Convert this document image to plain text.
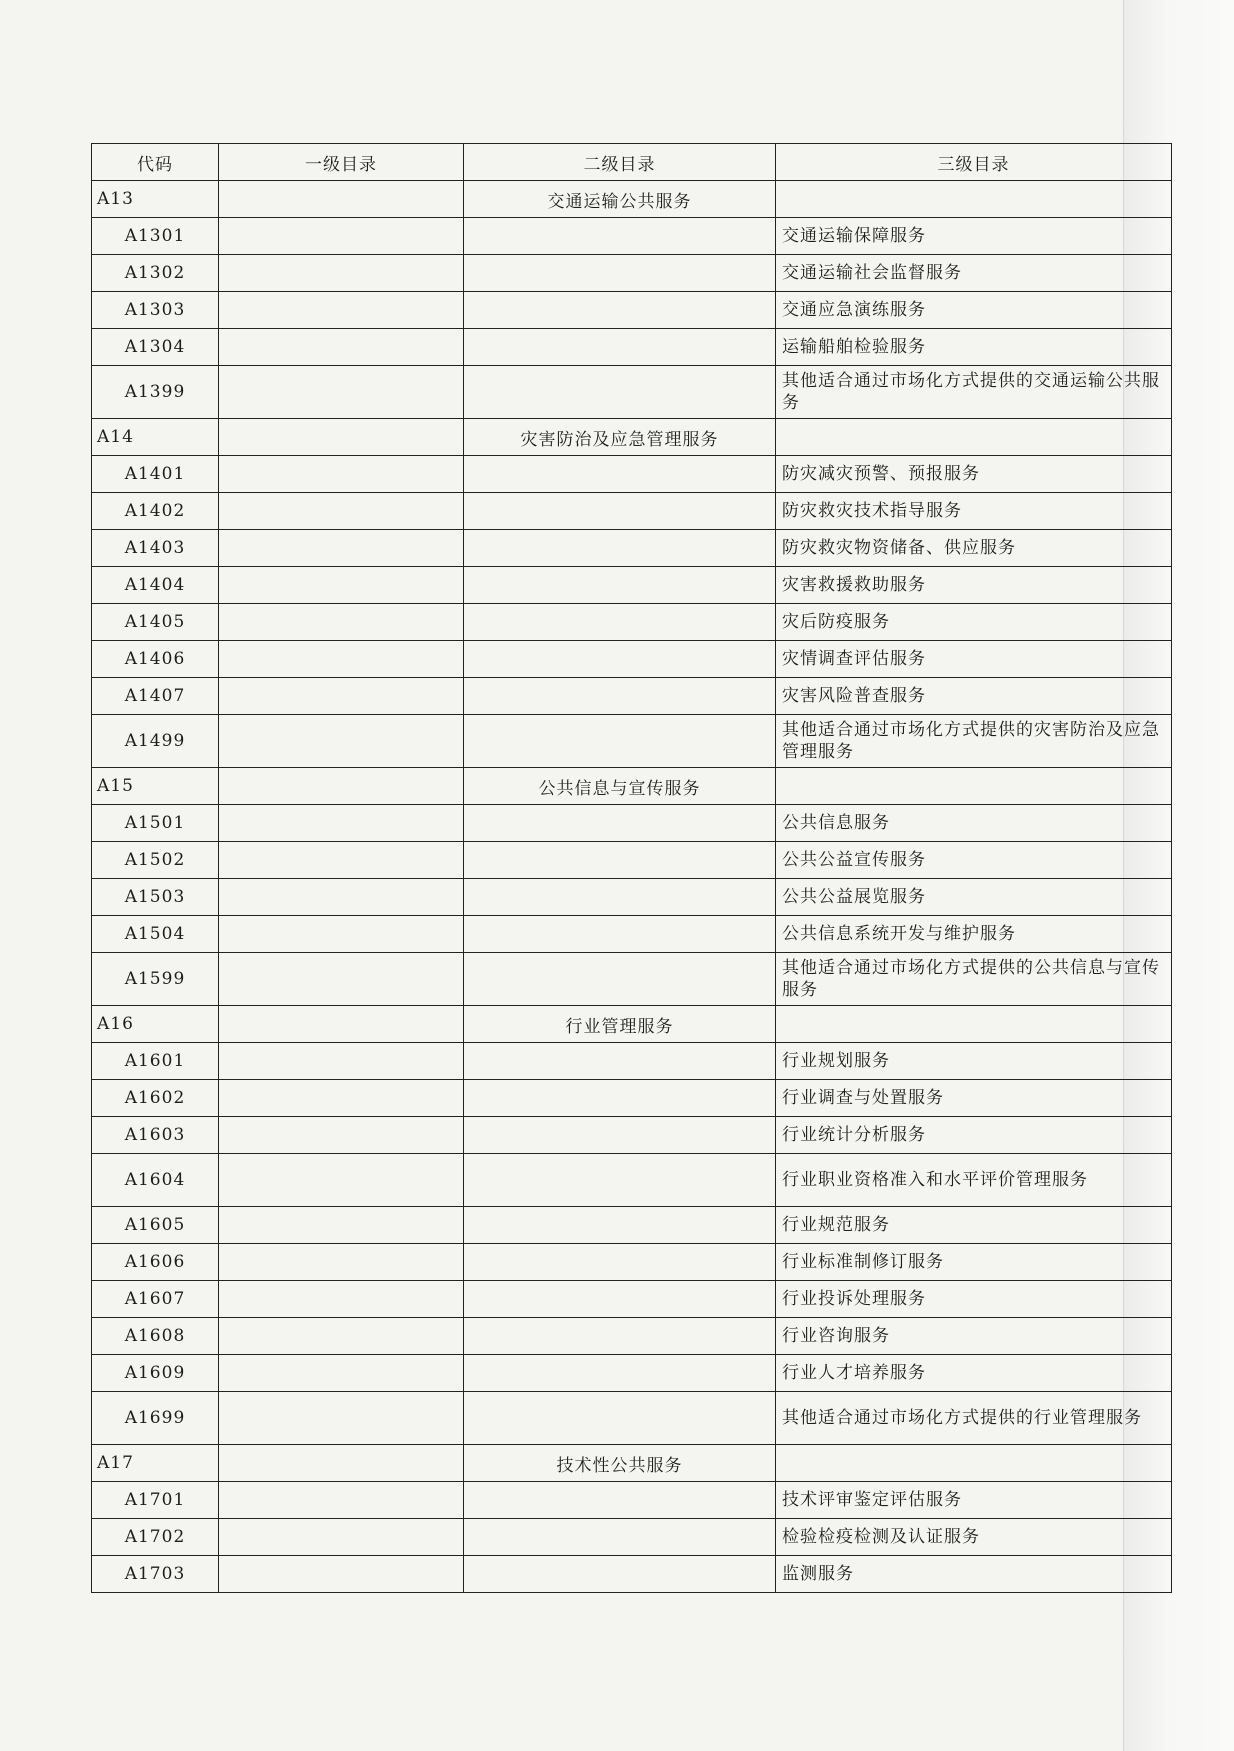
代码	一级目录	二级目录	三级目录
A13		交通运输公共服务	
A1301			交通运输保障服务
A1302			交通运输社会监督服务
A1303			交通应急演练服务
A1304			运输船舶检验服务
A1399			其他适合通过市场化方式提供的交通运输公共服务
A14		灾害防治及应急管理服务	
A1401			防灾减灾预警、预报服务
A1402			防灾救灾技术指导服务
A1403			防灾救灾物资储备、供应服务
A1404			灾害救援救助服务
A1405			灾后防疫服务
A1406			灾情调查评估服务
A1407			灾害风险普查服务
A1499			其他适合通过市场化方式提供的灾害防治及应急管理服务
A15		公共信息与宣传服务	
A1501			公共信息服务
A1502			公共公益宣传服务
A1503			公共公益展览服务
A1504			公共信息系统开发与维护服务
A1599			其他适合通过市场化方式提供的公共信息与宣传服务
A16		行业管理服务	
A1601			行业规划服务
A1602			行业调查与处置服务
A1603			行业统计分析服务
A1604			行业职业资格准入和水平评价管理服务
A1605			行业规范服务
A1606			行业标准制修订服务
A1607			行业投诉处理服务
A1608			行业咨询服务
A1609			行业人才培养服务
A1699			其他适合通过市场化方式提供的行业管理服务
A17		技术性公共服务	
A1701			技术评审鉴定评估服务
A1702			检验检疫检测及认证服务
A1703			监测服务
